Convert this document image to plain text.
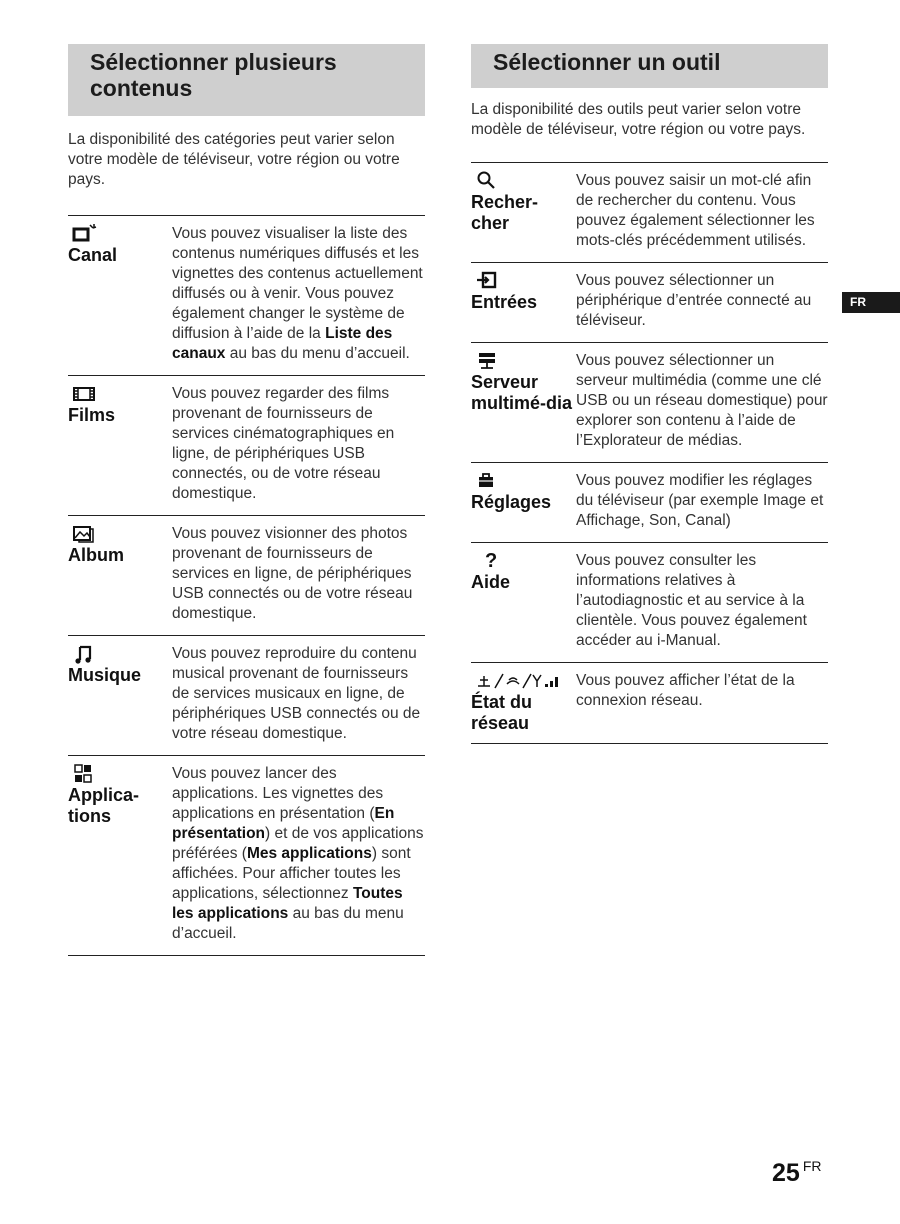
Sélectionner plusieurs contenus

La disponibilité des catégories peut varier selon votre modèle de téléviseur, votre région ou votre pays.

Canal
Vous pouvez visualiser la liste des contenus numériques diffusés et les vignettes des contenus actuellement diffusés ou à venir. Vous pouvez également changer le système de diffusion à l’aide de la Liste des canaux au bas du menu d’accueil.
Films
Vous pouvez regarder des films provenant de fournisseurs de services cinématographiques en ligne, de périphériques USB connectés, ou de votre réseau domestique.
Album
Vous pouvez visionner des photos provenant de fournisseurs de services en ligne, de périphériques USB connectés ou de votre réseau domestique.
Musique
Vous pouvez reproduire du contenu musical provenant de fournisseurs de services musicaux en ligne, de périphériques USB connectés ou de votre réseau domestique.
Applica-tions
Vous pouvez lancer des applications. Les vignettes des applications en présentation (En présentation) et de vos applications préférées (Mes applications) sont affichées. Pour afficher toutes les applications, sélectionnez Toutes les applications au bas du menu d’accueil.
Sélectionner un outil

La disponibilité des outils peut varier selon votre modèle de téléviseur, votre région ou votre pays.

Recher-cher
Vous pouvez saisir un mot-clé afin de rechercher du contenu. Vous pouvez également sélectionner les mots-clés précédemment utilisés.
Entrées
Vous pouvez sélectionner un périphérique d’entrée connecté au téléviseur.
Serveur multimé-dia
Vous pouvez sélectionner un serveur multimédia (comme une clé USB ou un réseau domestique) pour explorer son contenu à l’aide de l’Explorateur de médias.
Réglages
Vous pouvez modifier les réglages du téléviseur (par exemple Image et Affichage, Son, Canal)
?
Aide
Vous pouvez consulter les informations relatives à l’autodiagnostic et au service à la clientèle. Vous pouvez également accéder au i-Manual.
État du réseau
Vous pouvez afficher l’état de la connexion réseau.
FR
25 $^{FR}$
